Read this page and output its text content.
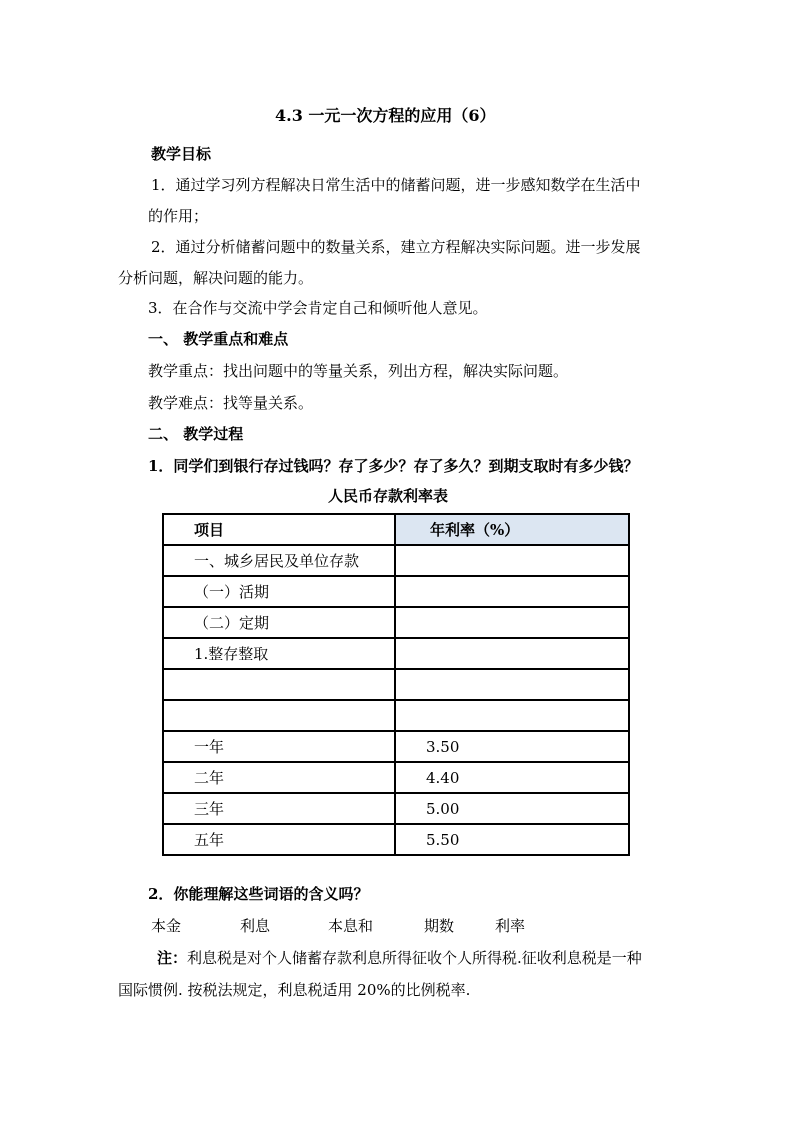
4.3 一元一次方程的应用（6）
教学目标
1．通过学习列方程解决日常生活中的储蓄问题，进一步感知数学在生活中
的作用；
2．通过分析储蓄问题中的数量关系，建立方程解决实际问题。进一步发展
分析问题，解决问题的能力。
3．在合作与交流中学会肯定自己和倾听他人意见。
一、 教学重点和难点
教学重点：找出问题中的等量关系，列出方程，解决实际问题。
教学难点：找等量关系。
二、 教学过程
1．同学们到银行存过钱吗？存了多少？存了多久？到期支取时有多少钱？
人民币存款利率表
项目	年利率（%）
一、城乡居民及单位存款	
（一）活期	
（二）定期	
1.整存整取	

一年	3.50
二年	4.40
三年	5.00
五年	5.50
2．你能理解这些词语的含义吗？
本金	利息	本息和	期数	利率
注：利息税是对个人储蓄存款利息所得征收个人所得税.征收利息税是一种
国际惯例. 按税法规定，利息税适用 20%的比例税率.
